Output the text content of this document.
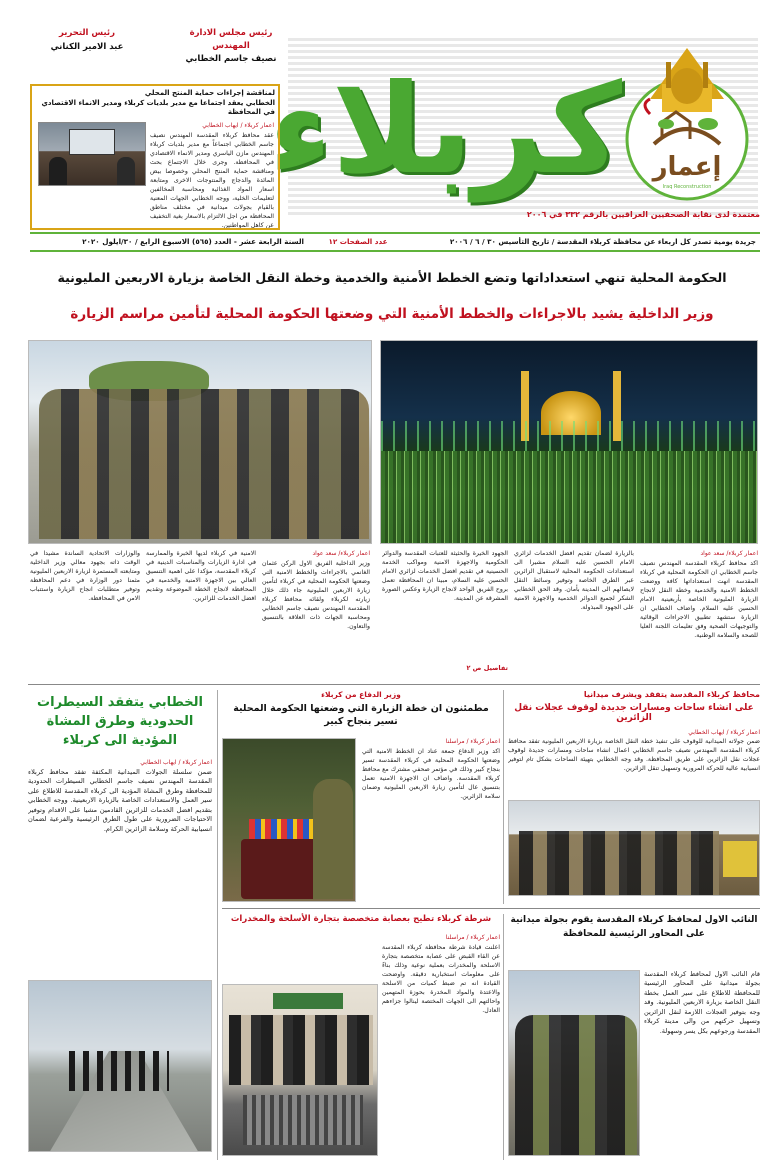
كربلاء	إعمار
Iraq Reconstruction
معتمدة لدى نقابة الصحفيين العراقيين بالرقم ٣٣٢ في ٢٠٠٦
رئيس مجلس الادارة
المهندس
نصيف جاسم الخطابي
رئيس التحرير
عبد الامير الكناني
لمناقشة إجراءات حماية المنتج المحلي
الخطابي يعقد اجتماعا مع مدير بلديات كربلاء ومدير الانماء الاقتصادي في المحافظة
اعمار كربلاء / ايهاب الخطابي
عقد محافظ كربلاء المقدسة المهندس نصيف جاسم الخطابي اجتماعاً مع مدير بلديات كربلاء المهندس مازن الياسري ومدير الانماء الاقتصادي في المحافظة. وجرى خلال الاجتماع بحث ومناقشة حماية المنتج المحلي وخصوصا بيض المائدة والدجاج والمنتوجات الاخرى ومتابعة اسعار المواد الغذائية ومحاسبة المخالفين لتعليمات الخلية، ووجه الخطابي الجهات المعنية بالقيام بجولات ميدانية في مختلف مناطق المحافظة من اجل الالتزام بالاسعار بغية التخفيف عن كاهل المواطنين.
جريدة يومية تصدر كل اربعاء عن محافظة كربلاء المقدسة / تاريخ التأسيس ٣٠ / ٦ / ٢٠٠٦
عدد الصفحات ١٢
السنة الرابعة عشر - العدد (٥٦٥) الاسبوع الرابع / ٣٠/ايلول ٢٠٢٠
الحكومة المحلية تنهي استعداداتها وتضع الخطط الأمنية والخدمية وخطة النقل الخاصة بزيارة الاربعين المليونية
وزير الداخلية يشيد بالاجراءات والخطط الأمنية التي وضعتها الحكومة المحلية لتأمين مراسم الزيارة
اعمار كربلاء/ سعد عواد
اكد محافظ كربلاء المقدسة المهندس نصيف جاسم الخطابي ان الحكومة المحلية في كربلاء المقدسة انهت استعداداتها كافة ووضعت الخطط الامنية والخدمية وخطة النقل لانجاح الزيارة المليونية الخاصة بأربعينية الامام الحسين عليه السلام. واضاف الخطابي ان الزيارة ستشهد تطبيق الاجراءات الوقائية والتوجيهات الصحية وفق تعليمات اللجنة العليا للصحة والسلامة الوطنية.
بالزيارة لضمان تقديم افضل الخدمات لزائري الامام الحسين عليه السلام مشيرا الى استعدادات الحكومة المحلية لاستقبال الزائرين عبر الطرق الخاصة وتوفير وسائط النقل لايصالهم الى المدينة بأمان. وقد الحق الخطابي الشكر لجميع الدوائر الخدمية والاجهزة الامنية على الجهود المبذولة.
الجهود الخيرة والحثيثة للعتبات المقدسة والدوائر الحكومية والاجهزة الامنية ومواكب الخدمة الحسينية في تقديم افضل الخدمات لزائري الامام الحسين عليه السلام، مبينا ان المحافظة تعمل بروح الفريق الواحد لانجاح الزيارة وعكس الصورة المشرقة عن المدينة.
تفاصيل ص ٢
اعمار كربلاء/ سعد عواد
وزير الداخلية الفريق الاول الركن عثمان الغانمي بالاجراءات والخطط الامنية التي وضعتها الحكومة المحلية في كربلاء لتأمين زيارة الاربعين المليونية جاء ذلك خلال زيارته لكربلاء ولقائه محافظ كربلاء المقدسة المهندس نصيف جاسم الخطابي ومحاسبة الجهات ذات العلاقة بالتنسيق والتعاون.
الامنية في كربلاء لديها الخبرة والممارسة في ادارة الزيارات والمناسبات الدينية في كربلاء المقدسة، مؤكدا على اهمية التنسيق العالي بين الاجهزة الامنية والخدمية في المحافظة لانجاح الخطة الموضوعة وتقديم افضل الخدمات للزائرين.
والوزارات الاتحادية الساندة مشيدا في الوقت ذاته بجهود معالي وزير الداخلية ومتابعته المستمرة لزيارة الاربعين المليونية مثمنا دور الوزارة في دعم المحافظة وتوفير متطلبات انجاح الزيارة واستتباب الامن في المحافظة.
محافظ كربلاء المقدسة يتفقد ويشرف ميدانيا
على انشاء ساحات ومسارات جديدة لوقوف عجلات نقل الزائرين
اعمار كربلاء / ايهاب الخطابي
ضمن جولاته الميدانية للوقوف على تنفيذ خطة النقل الخاصة بزيارة الاربعين المليونية تفقد محافظ كربلاء المقدسة المهندس نصيف جاسم الخطابي اعمال انشاء ساحات ومسارات جديدة لوقوف عجلات نقل الزائرين على طريق المحافظة. وقد وجه الخطابي بتهيئة الساحات بشكل تام لتوفير انسيابية عالية للحركة المرورية وتسهيل تنقل الزائرين.
وزير الدفاع من كربلاء
مطمئنون ان خطة الزيارة التي وضعتها الحكومة المحلية تسير بنجاح كبير
اعمار كربلاء / مراسلنا
اكد وزير الدفاع جمعة عناد ان الخطط الامنية التي وضعتها الحكومة المحلية في كربلاء المقدسة تسير بنجاح كبير وذلك في مؤتمر صحفي مشترك مع محافظ كربلاء المقدسة. واضاف ان الاجهزة الامنية تعمل بتنسيق عال لتأمين زيارة الاربعين المليونية وضمان سلامة الزائرين.
الخطابي يتفقد السيطرات الحدودية وطرق المشاة المؤدية الى كربلاء
اعمار كربلاء / ايهاب الخطابي
ضمن سلسلة الجولات الميدانية المكثفة تفقد محافظ كربلاء المقدسة المهندس نصيف جاسم الخطابي السيطرات الحدودية للمحافظة وطرق المشاة المؤدية الى كربلاء المقدسة للاطلاع على سير العمل والاستعدادات الخاصة بالزيارة الاربعينية. ووجه الخطابي بتقديم افضل الخدمات للزائرين القادمين مشيا على الاقدام وتوفير الاحتياجات الضرورية على طول الطرق الرئيسية والفرعية لضمان انسيابية الحركة وسلامة الزائرين الكرام.
شرطة كربلاء تطيح بعصابة متخصصة بتجارة الأسلحة والمخدرات
اعمار كربلاء / مراسلنا
اعلنت قيادة شرطة محافظة كربلاء المقدسة عن القاء القبض على عصابة متخصصة بتجارة الاسلحة والمخدرات بعملية نوعية وذلك بناءً على معلومات استخبارية دقيقة. واوضحت القيادة انه تم ضبط كميات من الاسلحة والاعتدة والمواد المخدرة بحوزة المتهمين واحالتهم الى الجهات المختصة لينالوا جزاءهم العادل.
النائب الاول لمحافظ كربلاء المقدسة يقوم بجولة ميدانية على المحاور الرئيسية للمحافظة
قام النائب الاول لمحافظ كربلاء المقدسة بجولة ميدانية على المحاور الرئيسية للمحافظة للاطلاع على سير العمل بخطة النقل الخاصة بزيارة الاربعين المليونية. وقد وجه بتوفير العجلات اللازمة لنقل الزائرين وتسهيل حركتهم من والى مدينة كربلاء المقدسة ورجوعهم بكل يسر وسهولة.
